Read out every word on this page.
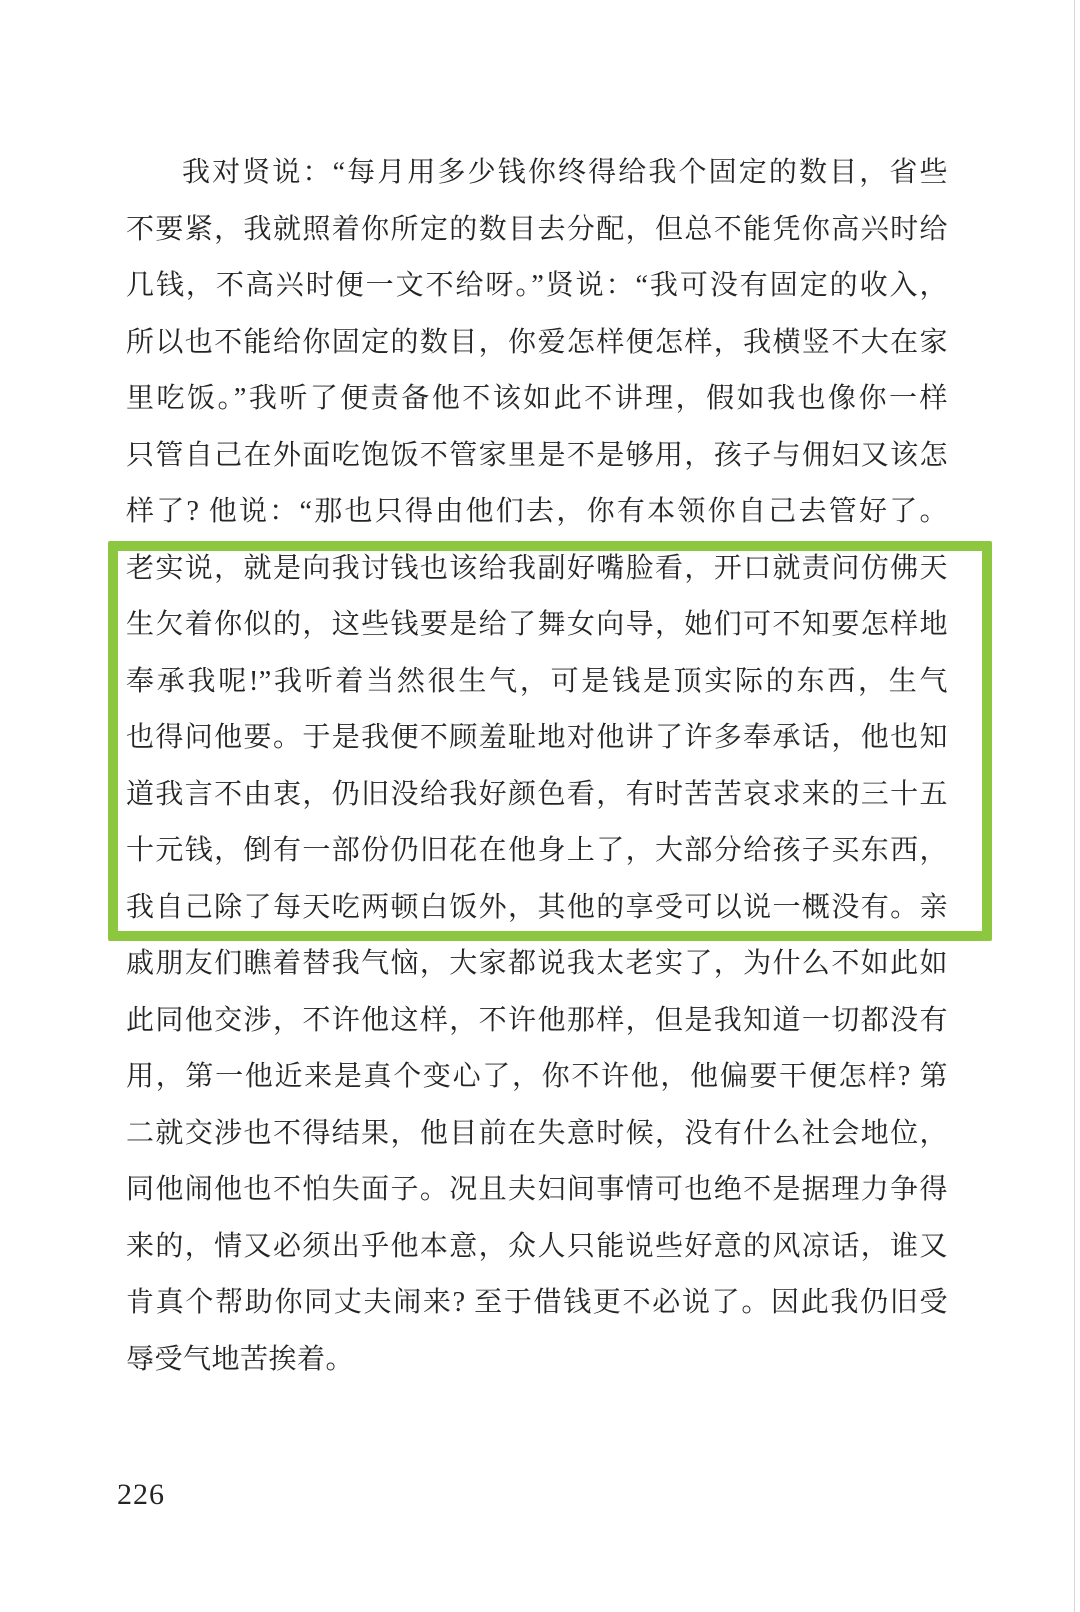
我对贤说：“每月用多少钱你终得给我个固定的数目，省些
不要紧，我就照着你所定的数目去分配，但总不能凭你高兴时给
几钱，不高兴时便一文不给呀。”贤说：“我可没有固定的收入，
所以也不能给你固定的数目，你爱怎样便怎样，我横竖不大在家
里吃饭。”我听了便责备他不该如此不讲理，假如我也像你一样
只管自己在外面吃饱饭不管家里是不是够用，孩子与佣妇又该怎
样了? 他说：“那也只得由他们去，你有本领你自己去管好了。
老实说，就是向我讨钱也该给我副好嘴脸看，开口就责问仿佛天
生欠着你似的，这些钱要是给了舞女向导，她们可不知要怎样地
奉承我呢!”我听着当然很生气，可是钱是顶实际的东西，生气
也得问他要。于是我便不顾羞耻地对他讲了许多奉承话，他也知
道我言不由衷，仍旧没给我好颜色看，有时苦苦哀求来的三十五
十元钱，倒有一部份仍旧花在他身上了，大部分给孩子买东西，
我自己除了每天吃两顿白饭外，其他的享受可以说一概没有。亲
戚朋友们瞧着替我气恼，大家都说我太老实了，为什么不如此如
此同他交涉，不许他这样，不许他那样，但是我知道一切都没有
用，第一他近来是真个变心了，你不许他，他偏要干便怎样? 第
二就交涉也不得结果，他目前在失意时候，没有什么社会地位，
同他闹他也不怕失面子。况且夫妇间事情可也绝不是据理力争得
来的，情又必须出乎他本意，众人只能说些好意的风凉话，谁又
肯真个帮助你同丈夫闹来? 至于借钱更不必说了。因此我仍旧受
辱受气地苦挨着。
226
